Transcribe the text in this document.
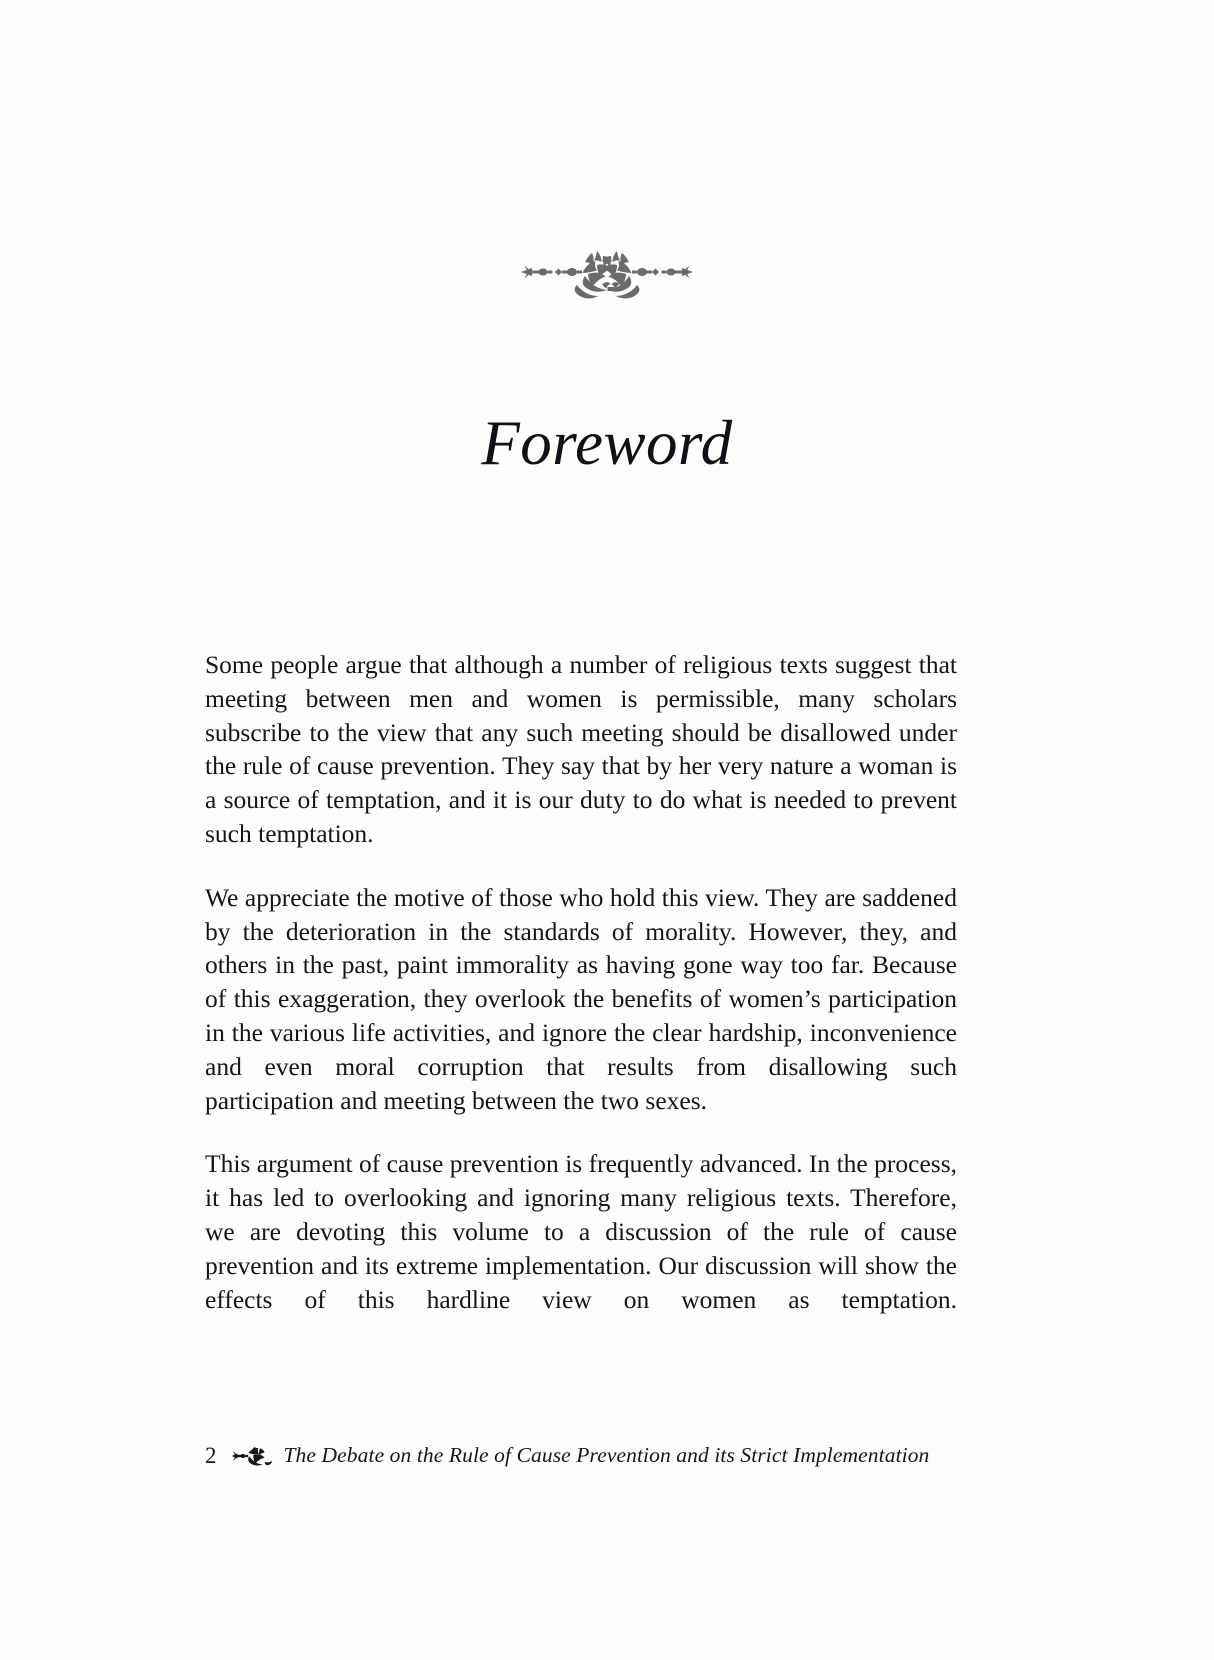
Foreword

Some people argue that although a number of religious texts suggest that meeting between men and women is permissible, many scholars subscribe to the view that any such meeting should be disallowed under the rule of cause prevention. They say that by her very nature a woman is a source of temptation, and it is our duty to do what is needed to prevent such temptation.

We appreciate the motive of those who hold this view. They are saddened by the deterioration in the standards of morality. However, they, and others in the past, paint immorality as having gone way too far. Because of this exaggeration, they overlook the benefits of women’s participation in the various life activities, and ignore the clear hardship, inconvenience and even moral corruption that results from disallowing such participation and meeting between the two sexes.

This argument of cause prevention is frequently advanced. In the process, it has led to overlooking and ignoring many religious texts. Therefore, we are devoting this volume to a discussion of the rule of cause prevention and its extreme implementation. Our discussion will show the effects of this hardline view on women as temptation.

2	The Debate on the Rule of Cause Prevention and its Strict Implementation
